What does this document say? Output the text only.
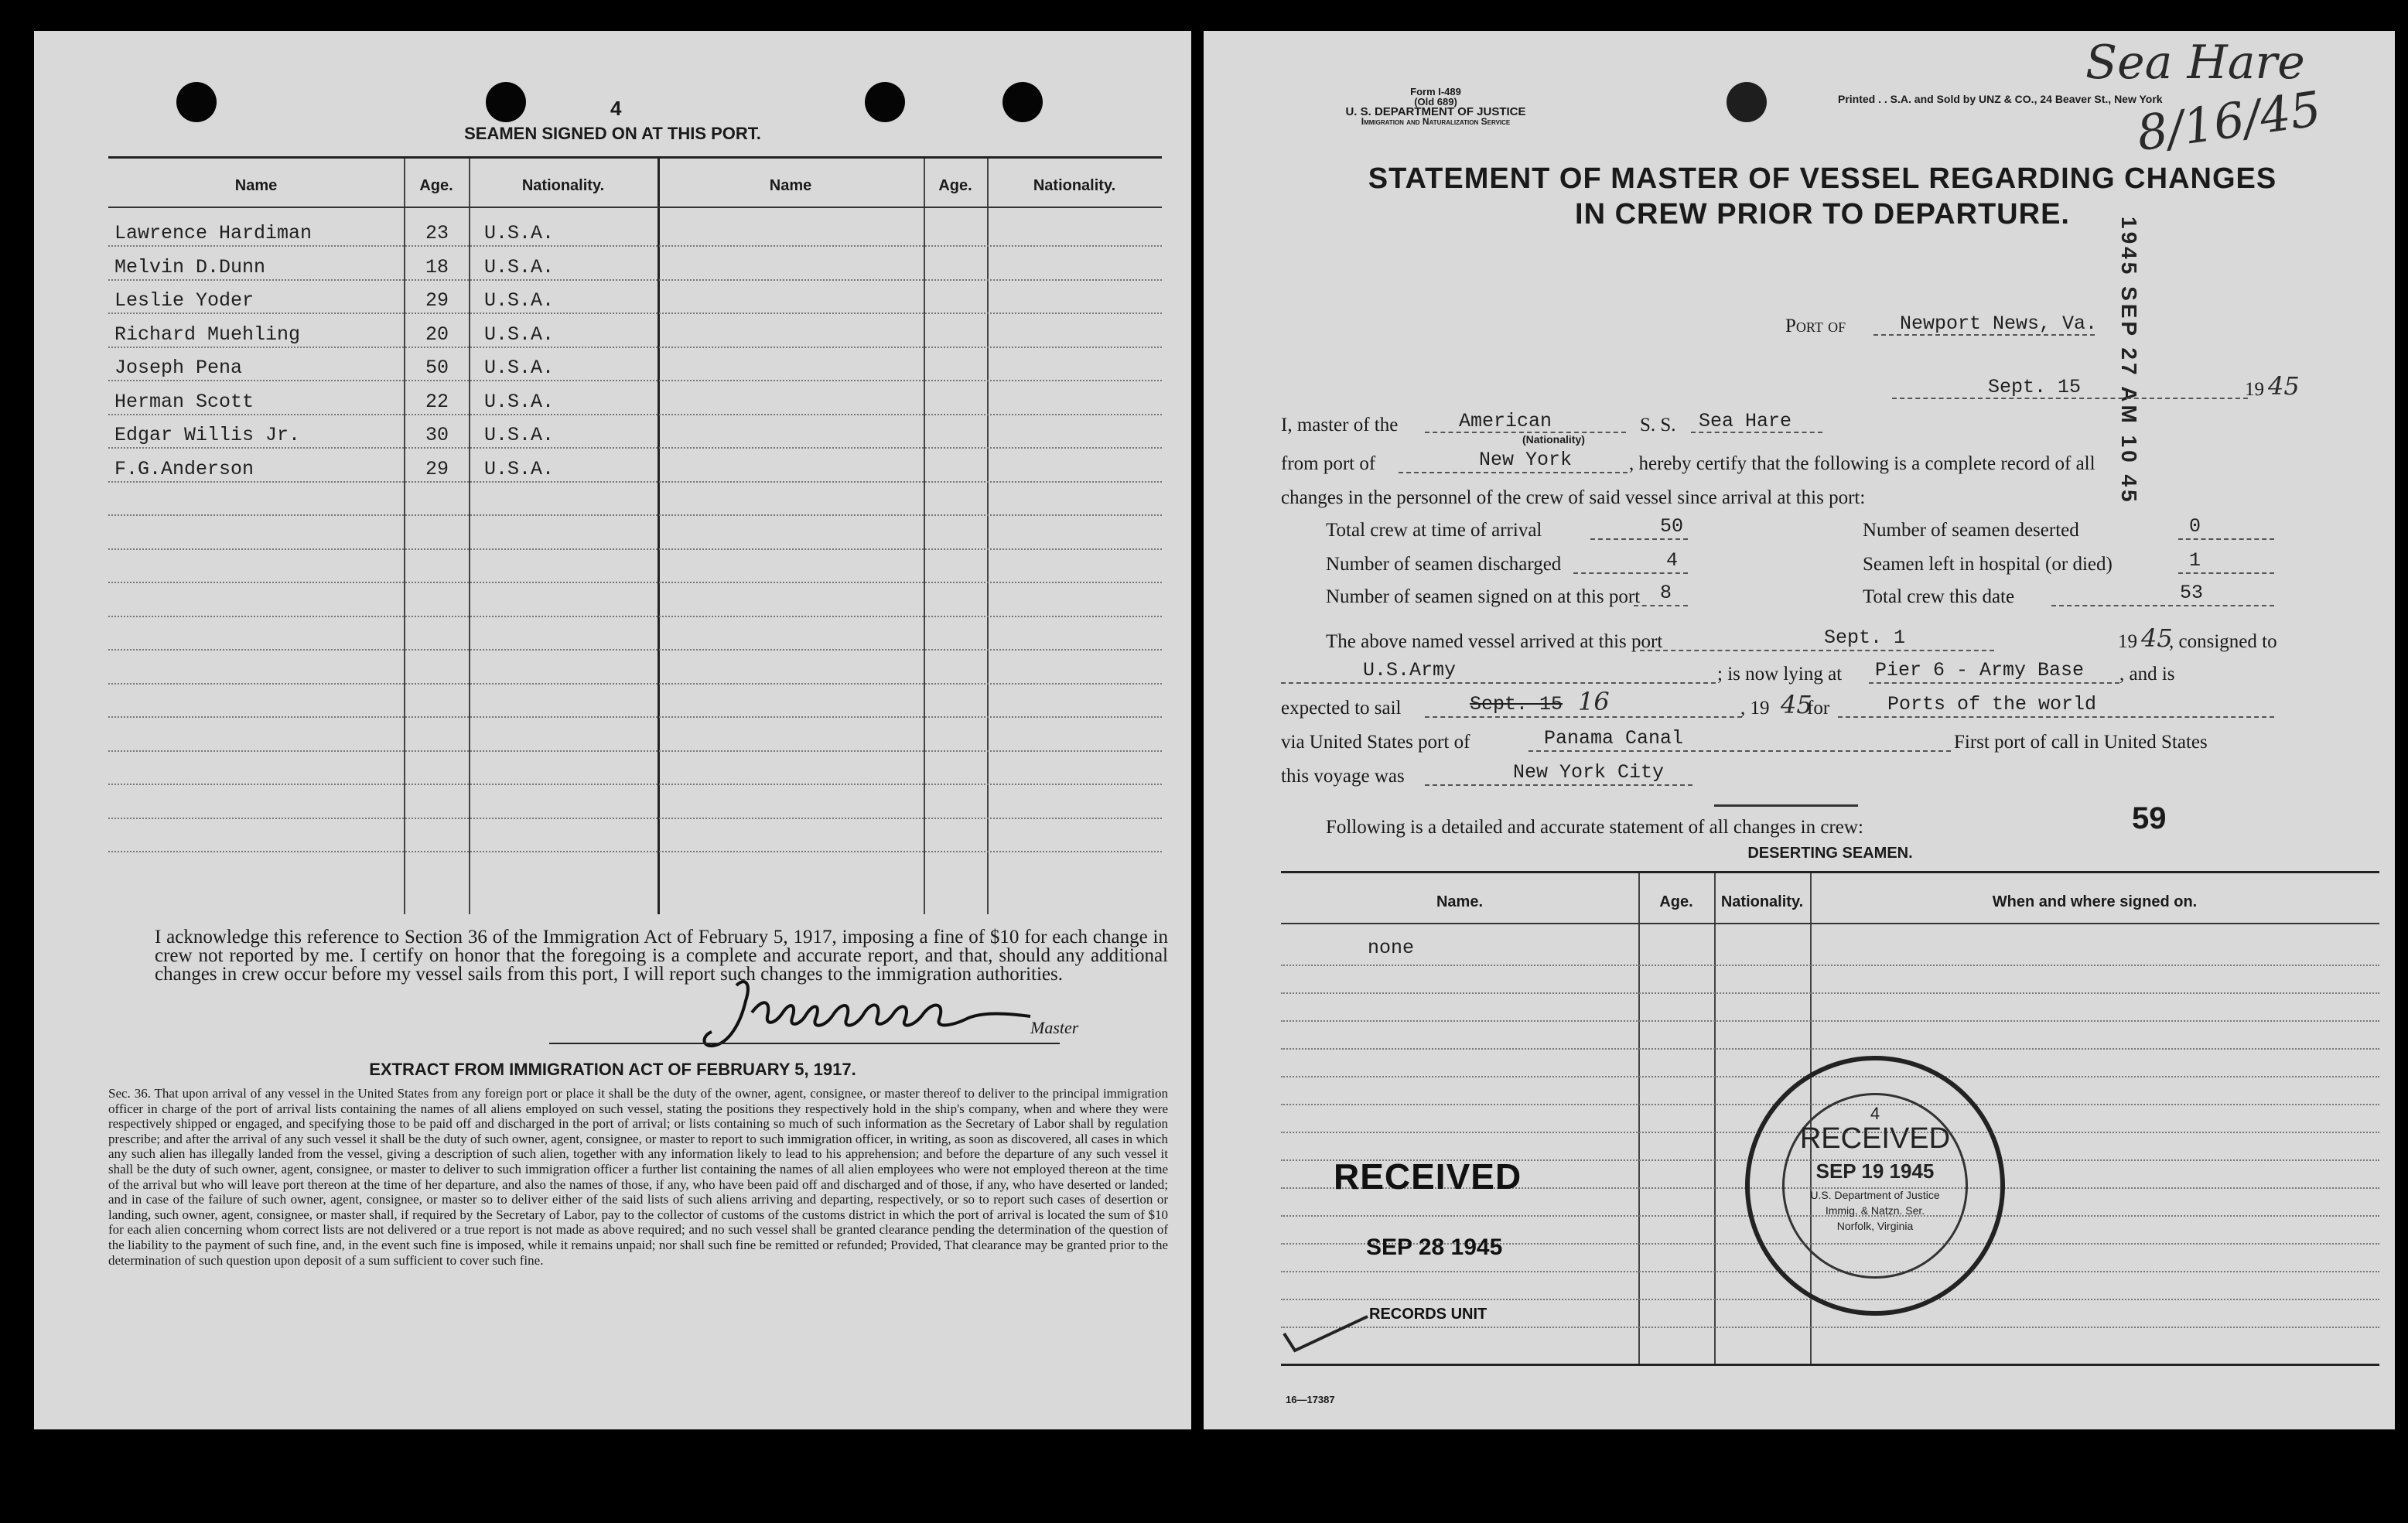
4
SEAMEN SIGNED ON AT THIS PORT.
Name	Age.	Nationality.	Name	Age.	Nationality.
Lawrence Hardiman	23 U.S.A.
Melvin D.Dunn	18 U.S.A.
Leslie Yoder	29 U.S.A.
Richard Muehling	20 U.S.A.
Joseph Pena	50 U.S.A.
Herman Scott	22 U.S.A.
Edgar Willis Jr.	30 U.S.A.
F.G.Anderson	29 U.S.A.
I acknowledge this reference to Section 36 of the Immigration Act of February 5, 1917, imposing a fine of $10 for each change in crew not reported by me. I certify on honor that the foregoing is a complete and accurate report, and that, should any additional changes in crew occur before my vessel sails from this port, I will report such changes to the immigration authorities.
Master
EXTRACT FROM IMMIGRATION ACT OF FEBRUARY 5, 1917.
Sec. 36. That upon arrival of any vessel in the United States from any foreign port or place it shall be the duty of the owner, agent, consignee, or master thereof to deliver to the principal immigration officer in charge of the port of arrival lists containing the names of all aliens employed on such vessel, stating the positions they respectively hold in the ship's company, when and where they were respectively shipped or engaged, and specifying those to be paid off and discharged in the port of arrival; or lists containing so much of such information as the Secretary of Labor shall by regulation prescribe; and after the arrival of any such vessel it shall be the duty of such owner, agent, consignee, or master to report to such immigration officer, in writing, as soon as discovered, all cases in which any such alien has illegally landed from the vessel, giving a description of such alien, together with any information likely to lead to his apprehension; and before the departure of any such vessel it shall be the duty of such owner, agent, consignee, or master to deliver to such immigration officer a further list containing the names of all alien employees who were not employed thereon at the time of the arrival but who will leave port thereon at the time of her departure, and also the names of those, if any, who have been paid off and discharged and of those, if any, who have deserted or landed; and in case of the failure of such owner, agent, consignee, or master so to deliver either of the said lists of such aliens arriving and departing, respectively, or so to report such cases of desertion or landing, such owner, agent, consignee, or master shall, if required by the Secretary of Labor, pay to the collector of customs of the customs district in which the port of arrival is located the sum of $10 for each alien concerning whom correct lists are not delivered or a true report is not made as above required; and no such vessel shall be granted clearance pending the determination of the question of the liability to the payment of such fine, and, in the event such fine is imposed, while it remains unpaid; nor shall such fine be remitted or refunded; Provided, That clearance may be granted prior to the determination of such question upon deposit of a sum sufficient to cover such fine.
Form I-489
(Old 689)
U. S. DEPARTMENT OF JUSTICE
Immigration and Naturalization Service
Printed . . S.A. and Sold by UNZ & CO., 24 Beaver St., New York
Sea Hare
8/16/45
STATEMENT OF MASTER OF VESSEL REGARDING CHANGES
IN CREW PRIOR TO DEPARTURE.
1945 SEP 27 AM 10 45

Port of	Newport News, Va.
Sept. 15	19 45
I, master of the	American
(Nationality)
S. S. Sea Hare
from port of	New York	, hereby certify that the following is a complete record of all
changes in the personnel of the crew of said vessel since arrival at this port:
Total crew at time of arrival	50	Number of seamen deserted	0
Number of seamen discharged	4	Seamen left in hospital (or died)	1
Number of seamen signed on at this port 8	Total crew this date	53
The above named vessel arrived at this port	Sept. 1	19 45
, consigned to
U.S.Army	; is now lying at Pier 6 - Army Base , and is
expected to sail	Sept. 15 16	, 19 45
for	Ports of the world
via United States port of	Panama Canal	First port of call in United States
this voyage was	New York City
Following is a detailed and accurate statement of all changes in crew:	59
DESERTING SEAMEN.
Name.	Age.	Nationality.	When and where signed on.
none
4
RECEIVED
SEP 19 1945
U.S. Department of Justice
Immig. & Natzn. Ser.
Norfolk, Virginia
RECEIVED
SEP 28 1945
RECORDS UNIT
16—17387
